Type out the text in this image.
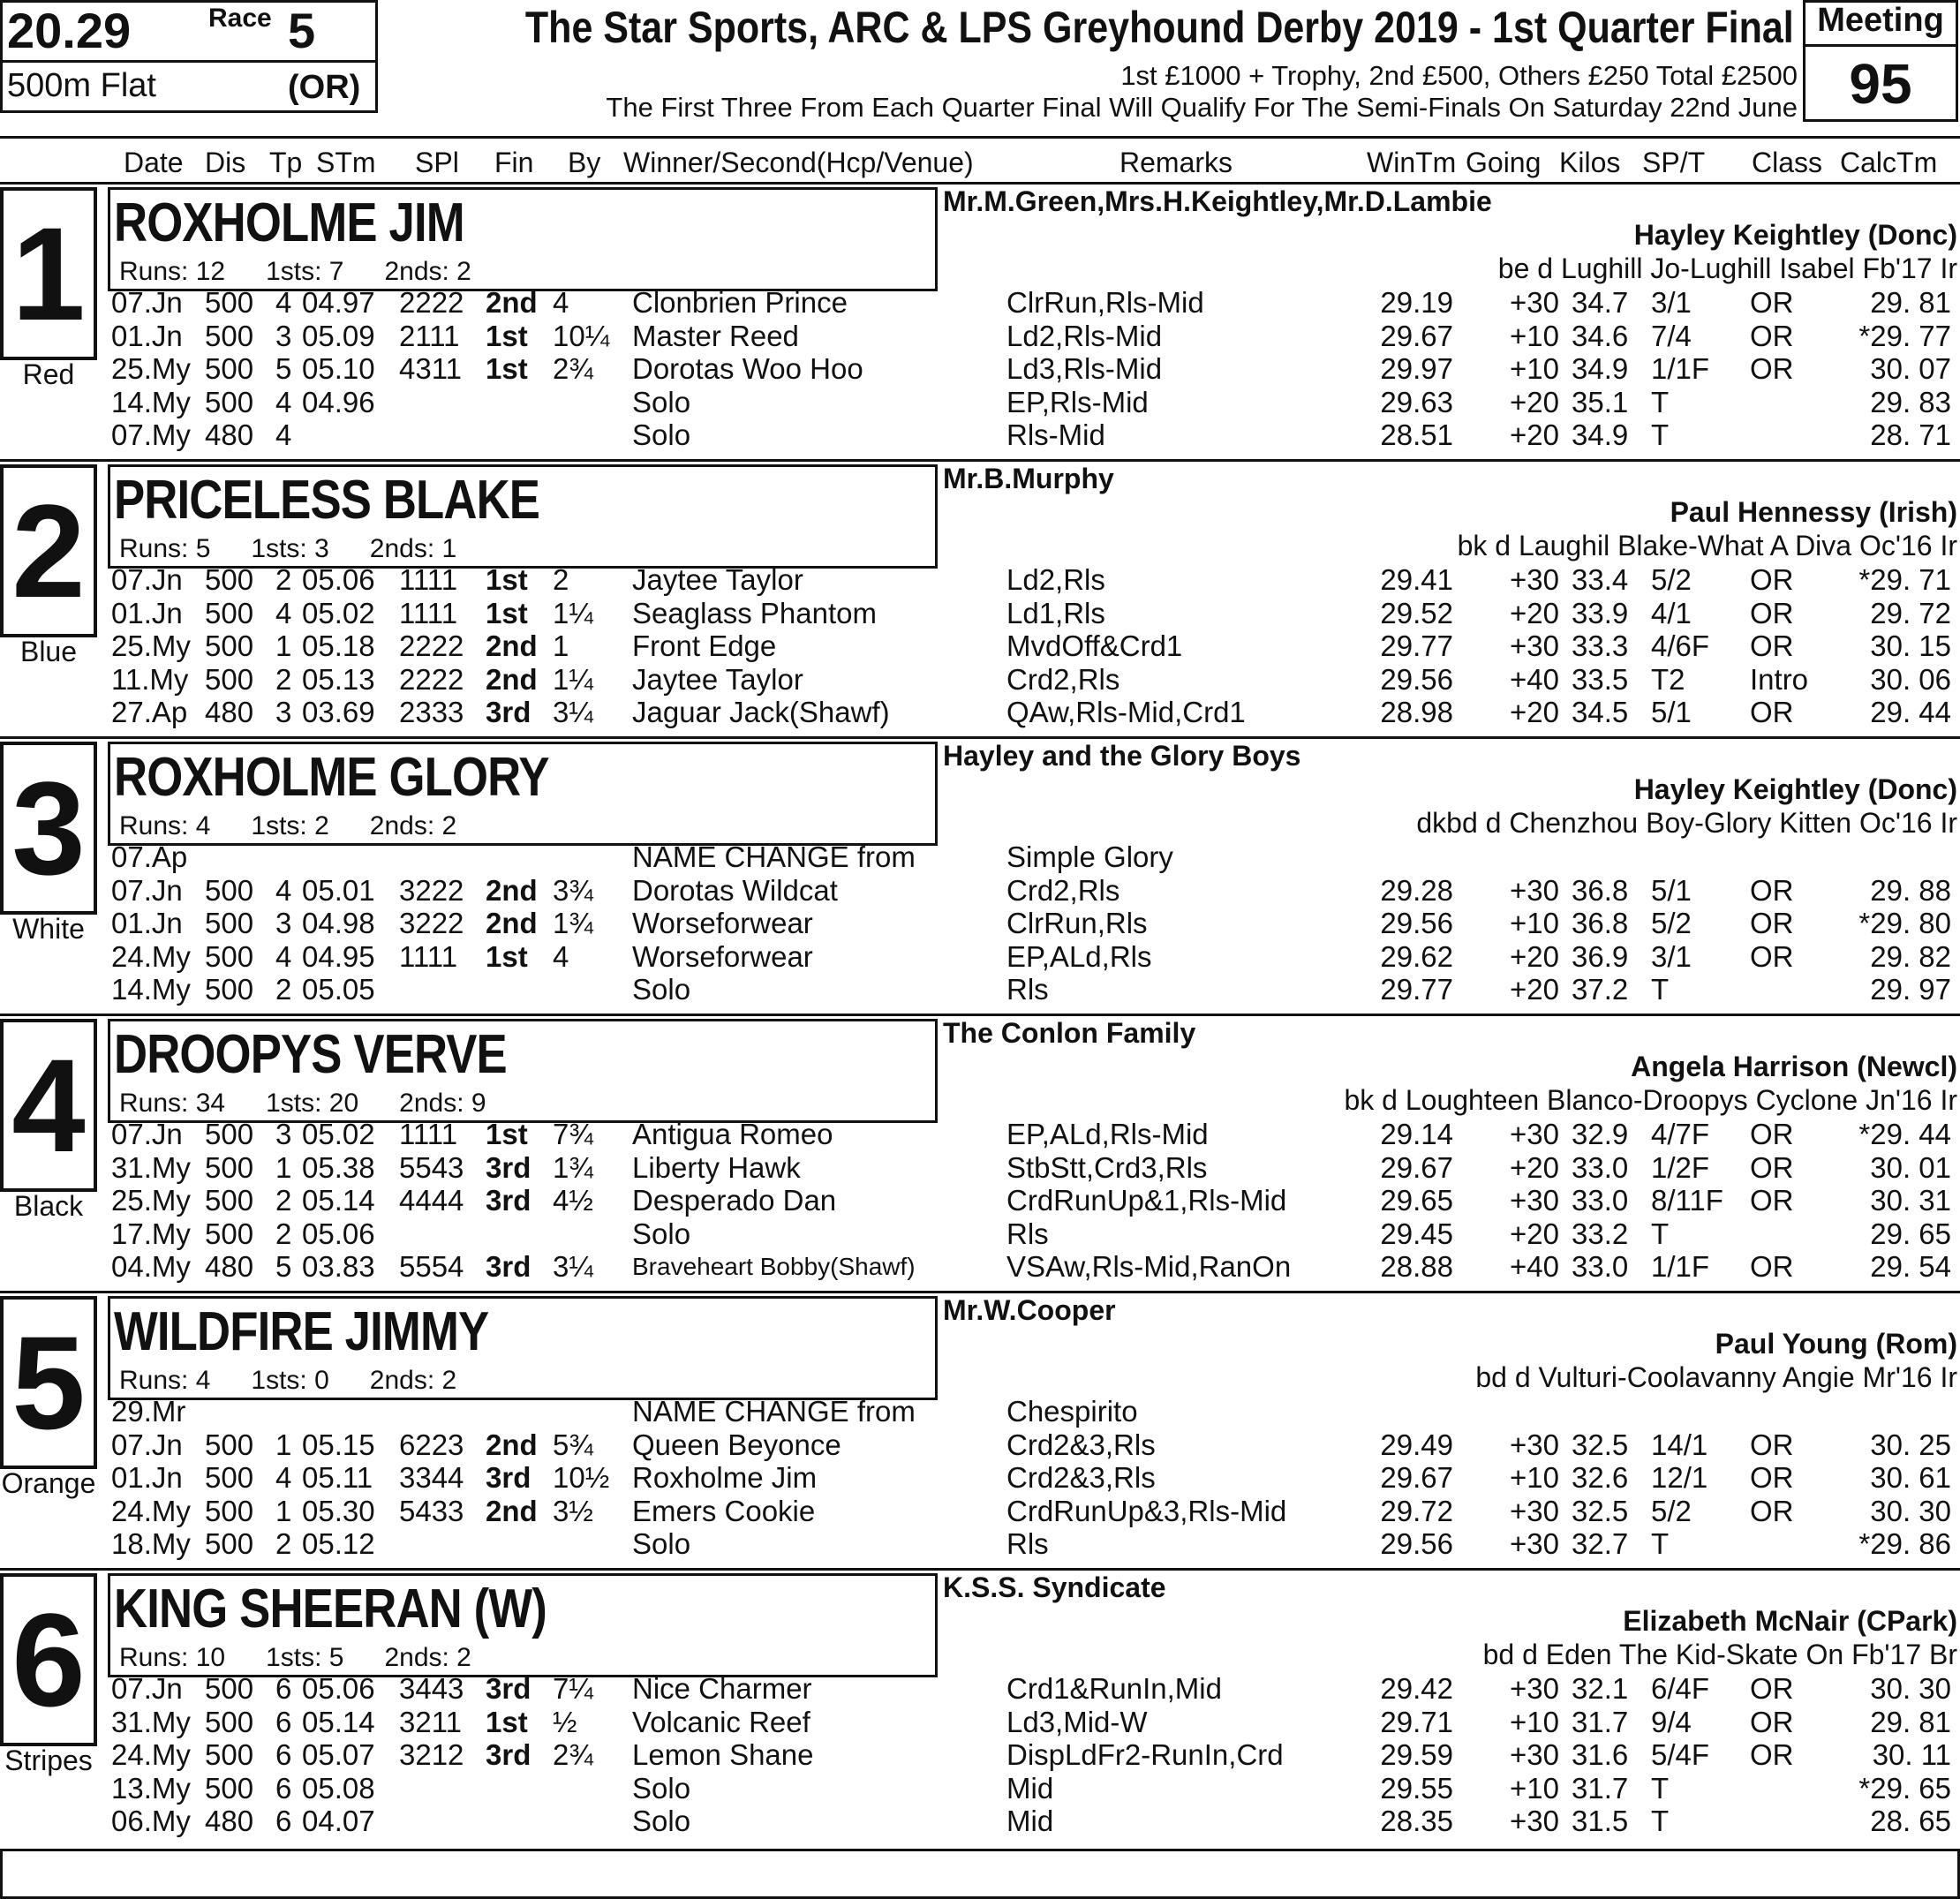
20.29	Race 5
500m Flat	(OR)
The Star Sports, ARC & LPS Greyhound Derby 2019 - 1st Quarter Final
1st £1000 + Trophy, 2nd £500, Others £250 Total £2500
The First Three From Each Quarter Final Will Qualify For The Semi-Finals On Saturday 22nd June
Meeting
95
Date Dis Tp STm SPl Fin By Winner/Second(Hcp/Venue)	Remarks	WinTm Going Kilos SP/T Class CalcTm
1
Red
ROXHOLME JIM
Runs: 12 1sts: 7 2nds: 2
Mr.M.Green,Mrs.H.Keightley,Mr.D.Lambie
Hayley Keightley (Donc)
be d Lughill Jo-Lughill Isabel Fb'17 Ir
07.Jn 500 4 04.97 2222 2nd 4 Clonbrien Prince	ClrRun,Rls-Mid	29.19 +30 34.7 3/1 OR	29. 81
01.Jn 500 3 05.09 2111 1st 10¼ Master Reed	Ld2,Rls-Mid	29.67 +10 34.6 7/4 OR *29. 77
25.My 500 5 05.10 4311 1st 2¾ Dorotas Woo Hoo	Ld3,Rls-Mid	29.97 +10 34.9 1/1F OR	30. 07
14.My 500 4 04.96	Solo	EP,Rls-Mid	29.63 +20 35.1 T	29. 83
07.My 480 4	Solo	Rls-Mid	28.51 +20 34.9 T	28. 71
2
Blue
PRICELESS BLAKE
Runs: 5 1sts: 3 2nds: 1
Mr.B.Murphy
Paul Hennessy (Irish)
bk d Laughil Blake-What A Diva Oc'16 Ir
07.Jn 500 2 05.06 1111 1st 2 Jaytee Taylor	Ld2,Rls	29.41 +30 33.4 5/2 OR *29. 71
01.Jn 500 4 05.02 1111 1st 1¼ Seaglass Phantom	Ld1,Rls	29.52 +20 33.9 4/1 OR	29. 72
25.My 500 1 05.18 2222 2nd 1 Front Edge	MvdOff&Crd1	29.77 +30 33.3 4/6F OR	30. 15
11.My 500 2 05.13 2222 2nd 1¼ Jaytee Taylor	Crd2,Rls	29.56 +40 33.5 T2 Intro 30. 06
27.Ap 480 3 03.69 2333 3rd 3¼ Jaguar Jack(Shawf)	QAw,Rls-Mid,Crd1	28.98 +20 34.5 5/1 OR	29. 44
3
White
ROXHOLME GLORY
Runs: 4 1sts: 2 2nds: 2
Hayley and the Glory Boys
Hayley Keightley (Donc)
dkbd d Chenzhou Boy-Glory Kitten Oc'16 Ir
07.Ap	NAME CHANGE from	Simple Glory
07.Jn 500 4 05.01 3222 2nd 3¾ Dorotas Wildcat	Crd2,Rls	29.28 +30 36.8 5/1 OR	29. 88
01.Jn 500 3 04.98 3222 2nd 1¾ Worseforwear	ClrRun,Rls	29.56 +10 36.8 5/2 OR *29. 80
24.My 500 4 04.95 1111 1st 4 Worseforwear	EP,ALd,Rls	29.62 +20 36.9 3/1 OR	29. 82
14.My 500 2 05.05	Solo	Rls	29.77 +20 37.2 T	29. 97
4
Black
DROOPYS VERVE
Runs: 34 1sts: 20 2nds: 9
The Conlon Family
Angela Harrison (Newcl)
bk d Loughteen Blanco-Droopys Cyclone Jn'16 Ir
07.Jn 500 3 05.02 1111 1st 7¾ Antigua Romeo	EP,ALd,Rls-Mid	29.14 +30 32.9 4/7F OR *29. 44
31.My 500 1 05.38 5543 3rd 1¾ Liberty Hawk	StbStt,Crd3,Rls	29.67 +20 33.0 1/2F OR	30. 01
25.My 500 2 05.14 4444 3rd 4½ Desperado Dan	CrdRunUp&1,Rls-Mid	29.65 +30 33.0 8/11F OR	30. 31
17.My 500 2 05.06	Solo	Rls	29.45 +20 33.2 T	29. 65
04.My 480 5 03.83 5554 3rd 3¼ Braveheart Bobby(Shawf)	VSAw,Rls-Mid,RanOn	28.88 +40 33.0 1/1F OR	29. 54
5
Orange
WILDFIRE JIMMY
Runs: 4 1sts: 0 2nds: 2
Mr.W.Cooper
Paul Young (Rom)
bd d Vulturi-Coolavanny Angie Mr'16 Ir
29.Mr	NAME CHANGE from	Chespirito
07.Jn 500 1 05.15 6223 2nd 5¾ Queen Beyonce	Crd2&3,Rls	29.49 +30 32.5 14/1 OR	30. 25
01.Jn 500 4 05.11 3344 3rd 10½ Roxholme Jim	Crd2&3,Rls	29.67 +10 32.6 12/1 OR	30. 61
24.My 500 1 05.30 5433 2nd 3½ Emers Cookie	CrdRunUp&3,Rls-Mid	29.72 +30 32.5 5/2 OR	30. 30
18.My 500 2 05.12	Solo	Rls	29.56 +30 32.7 T	*29. 86
6
Stripes
KING SHEERAN (W)
Runs: 10 1sts: 5 2nds: 2
K.S.S. Syndicate
Elizabeth McNair (CPark)
bd d Eden The Kid-Skate On Fb'17 Br
07.Jn 500 6 05.06 3443 3rd 7¼ Nice Charmer	Crd1&RunIn,Mid	29.42 +30 32.1 6/4F OR	30. 30
31.My 500 6 05.14 3211 1st ½ Volcanic Reef	Ld3,Mid-W	29.71 +10 31.7 9/4 OR	29. 81
24.My 500 6 05.07 3212 3rd 2¾ Lemon Shane	DispLdFr2-RunIn,Crd	29.59 +30 31.6 5/4F OR	30. 11
13.My 500 6 05.08	Solo	Mid	29.55 +10 31.7 T	*29. 65
06.My 480 6 04.07	Solo	Mid	28.35 +30 31.5 T	28. 65
